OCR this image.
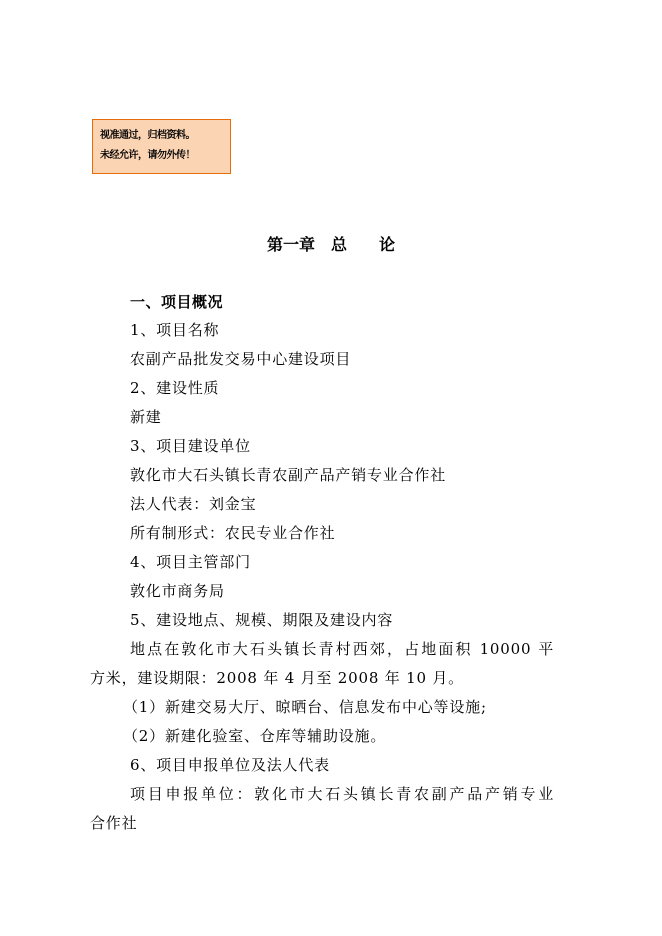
视准通过，归档资料。
未经允许，请勿外传！
第一章　总　　论
一、项目概况
1、项目名称
农副产品批发交易中心建设项目
2、建设性质
新建
3、项目建设单位
敦化市大石头镇长青农副产品产销专业合作社
法人代表：刘金宝
所有制形式：农民专业合作社
4、项目主管部门
敦化市商务局
5、建设地点、规模、期限及建设内容
地点在敦化市大石头镇长青村西郊，占地面积 10000 平
方米，建设期限：2008 年 4 月至 2008 年 10 月。
（1）新建交易大厅、晾晒台、信息发布中心等设施;
（2）新建化验室、仓库等辅助设施。
6、项目申报单位及法人代表
项目申报单位：敦化市大石头镇长青农副产品产销专业
合作社
